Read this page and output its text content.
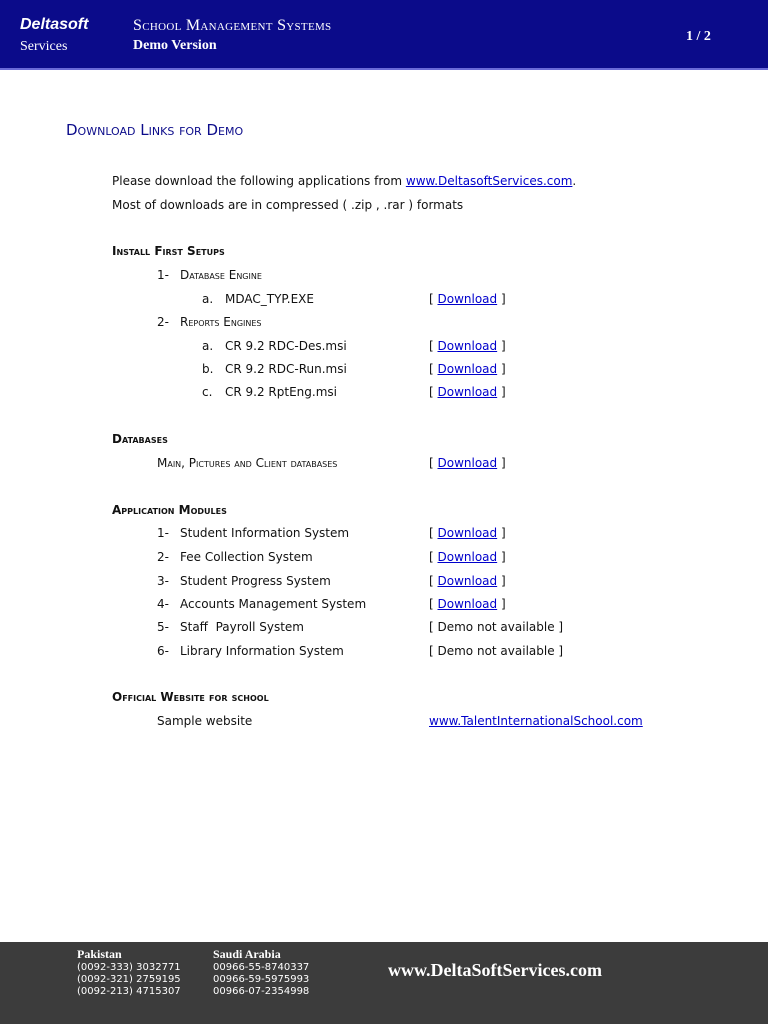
Deltasoft
Services
School Management Systems
Demo Version
1 / 2
Download Links for Demo
Please download the following applications from www.DeltasoftServices.com.
Most of downloads are in compressed ( .zip , .rar ) formats
Install First Setups
1- Database Engine
a. MDAC_TYP.EXE	[ Download ]
2- Reports Engines
a. CR 9.2 RDC-Des.msi	[ Download ]
b. CR 9.2 RDC-Run.msi	[ Download ]
c. CR 9.2 RptEng.msi	[ Download ]
Databases
Main, Pictures and Client databases	[ Download ]
Application Modules
1- Student Information System	[ Download ]
2- Fee Collection System	[ Download ]
3- Student Progress System	[ Download ]
4- Accounts Management System	[ Download ]
5- Staff  Payroll System	[ Demo not available ]
6- Library Information System	[ Demo not available ]
Official Website for school
Sample website	www.TalentInternationalSchool.com
Pakistan
(0092-333) 3032771
(0092-321) 2759195
(0092-213) 4715307
Saudi Arabia
00966-55-8740337
00966-59-5975993
00966-07-2354998
www.DeltaSoftServices.com
